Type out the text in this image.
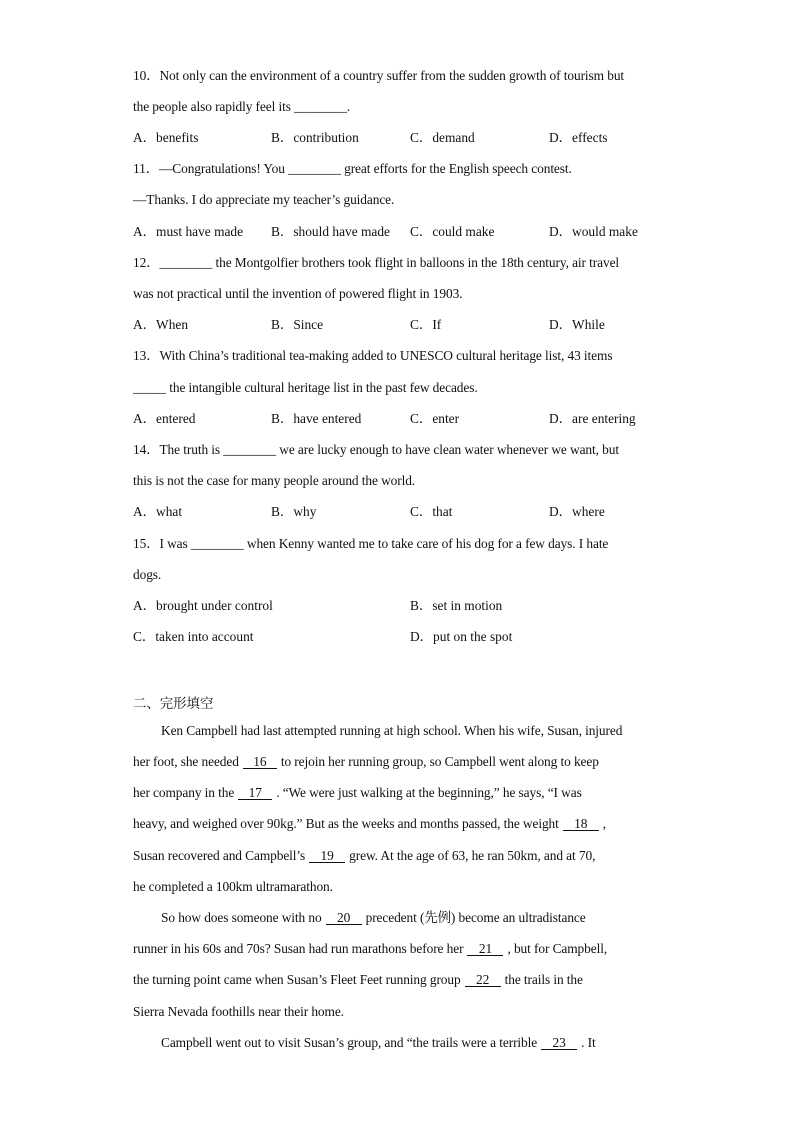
10．Not only can the environment of a country suffer from the sudden growth of tourism but
the people also rapidly feel its ________.
A．benefits	B．contribution	C．demand	D．effects
11．—Congratulations! You ________ great efforts for the English speech contest.
—Thanks. I do appreciate my teacher’s guidance.
A．must have made B．should have made C．could make	D．would make
12．________ the Montgolfier brothers took flight in balloons in the 18th century, air travel
was not practical until the invention of powered flight in 1903.
A．When	B．Since	C．If	D．While
13．With China’s traditional tea-making added to UNESCO cultural heritage list, 43 items
_____ the intangible cultural heritage list in the past few decades.
A．entered	B．have entered	C．enter	D．are entering
14．The truth is ________ we are lucky enough to have clean water whenever we want, but
this is not the case for many people around the world.
A．what	B．why	C．that	D．where
15．I was ________ when Kenny wanted me to take care of his dog for a few days. I hate
dogs.
A．brought under control	B．set in motion
C．taken into account	D．put on the spot
二、完形填空
Ken Campbell had last attempted running at high school. When his wife, Susan, injured
her foot, she needed 16 to rejoin her running group, so Campbell went along to keep
her company in the 17 . “We were just walking at the beginning,” he says, “I was
heavy, and weighed over 90kg.” But as the weeks and months passed, the weight 18 ,
Susan recovered and Campbell’s 19 grew. At the age of 63, he ran 50km, and at 70,
he completed a 100km ultramarathon.
So how does someone with no 20 precedent (先例) become an ultradistance
runner in his 60s and 70s? Susan had run marathons before her 21 , but for Campbell,
the turning point came when Susan’s Fleet Feet running group 22 the trails in the
Sierra Nevada foothills near their home.
Campbell went out to visit Susan’s group, and “the trails were a terrible 23 . It
